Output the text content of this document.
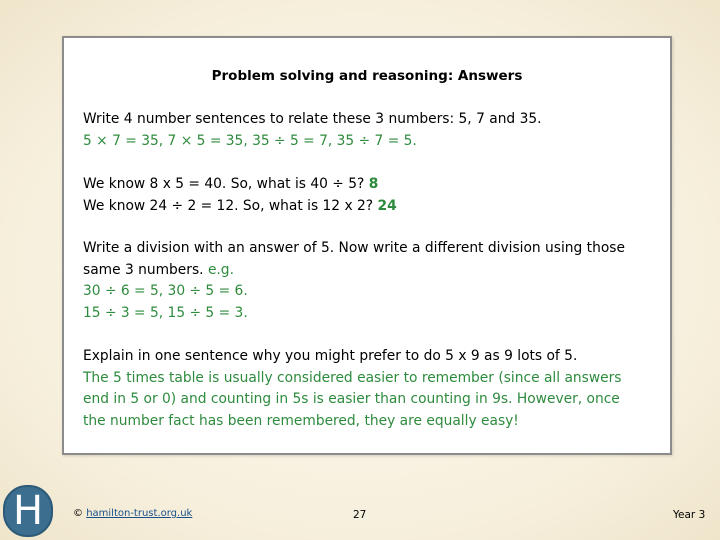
Problem solving and reasoning: Answers
Write 4 number sentences to relate these 3 numbers: 5, 7 and 35.
5 × 7 = 35, 7 × 5 = 35, 35 ÷ 5 = 7, 35 ÷ 7 = 5.
We know 8 x 5 = 40. So, what is 40 ÷ 5? 8
We know 24 ÷ 2 = 12. So, what is 12 x 2? 24
Write a division with an answer of 5. Now write a different division using those
same 3 numbers. e.g.
30 ÷ 6 = 5, 30 ÷ 5 = 6.
15 ÷ 3 = 5, 15 ÷ 5 = 3.
Explain in one sentence why you might prefer to do 5 x 9 as 9 lots of 5.
The 5 times table is usually considered easier to remember (since all answers
end in 5 or 0) and counting in 5s is easier than counting in 9s. However, once
the number fact has been remembered, they are equally easy!
H	© hamilton-trust.org.uk	27	Year 3
